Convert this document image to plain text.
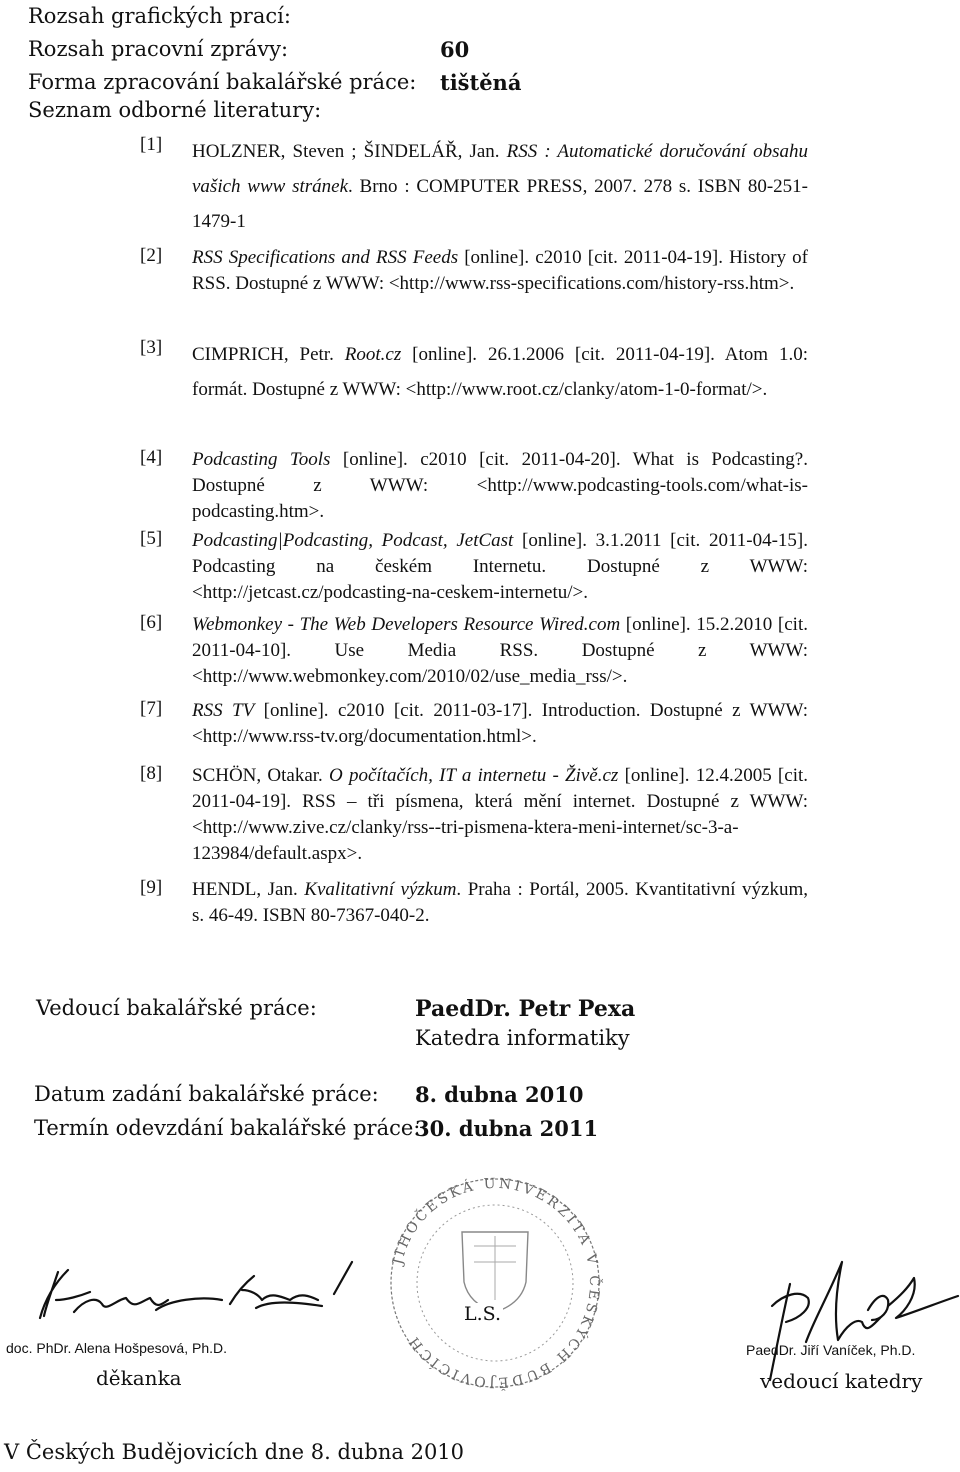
Rozsah grafických prací:
Rozsah pracovní zprávy:	60
Forma zpracování bakalářské práce: tištěná
Seznam odborné literatury:
[1] HOLZNER, Steven ; ŠINDELÁŘ, Jan. RSS : Automatické doručování obsahu vašich www stránek. Brno : COMPUTER PRESS, 2007. 278 s. ISBN 80-251-1479-1
[2] RSS Specifications and RSS Feeds [online]. c2010 [cit. 2011-04-19]. History of RSS. Dostupné z WWW: <http://www.rss-specifications.com/history-rss.htm>.
[3] CIMPRICH, Petr. Root.cz [online]. 26.1.2006 [cit. 2011-04-19]. Atom 1.0: formát. Dostupné z WWW: <http://www.root.cz/clanky/atom-1-0-format/>.
[4] Podcasting Tools [online]. c2010 [cit. 2011-04-20]. What is Podcasting?. Dostupné z WWW: <http://www.podcasting-tools.com/what-is-podcasting.htm>.
[5] Podcasting|Podcasting, Podcast, JetCast [online]. 3.1.2011 [cit. 2011-04-15]. Podcasting na českém Internetu. Dostupné z WWW: <http://jetcast.cz/podcasting-na-ceskem-internetu/>.
[6] Webmonkey - The Web Developers Resource Wired.com [online]. 15.2.2010 [cit. 2011-04-10]. Use Media RSS. Dostupné z WWW: <http://www.webmonkey.com/2010/02/use_media_rss/>.
[7] RSS TV [online]. c2010 [cit. 2011-03-17]. Introduction. Dostupné z WWW: <http://www.rss-tv.org/documentation.html>.
[8] SCHÖN, Otakar. O počítačích, IT a internetu - Živě.cz [online]. 12.4.2005 [cit. 2011-04-19]. RSS – tři písmena, která mění internet. Dostupné z WWW: <http://www.zive.cz/clanky/rss--tri-pismena-ktera-meni-internet/sc-3-a-123984/default.aspx>.
[9] HENDL, Jan. Kvalitativní výzkum. Praha : Portál, 2005. Kvantitativní výzkum, s. 46-49. ISBN 80-7367-040-2.
Vedoucí bakalářské práce:	PaedDr. Petr Pexa
Katedra informatiky
Datum zadání bakalářské práce: 8. dubna 2010
Termín odevzdání bakalářské práce:
30. dubna 2011
doc. PhDr. Alena Hošpesová, Ph.D.
děkanka
JIHOČESKÁ UNIVERZITA V ČESKÝCH BUDĚJOVICÍCH
L.S.
PaedDr. Jiří Vaníček, Ph.D.
vedoucí katedry
V Českých Budějovicích dne 8. dubna 2010
